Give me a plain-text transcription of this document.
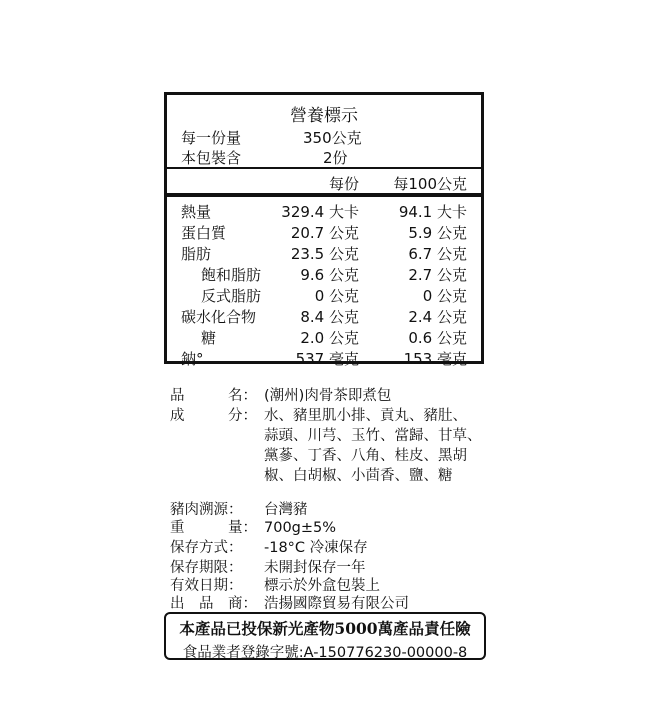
營養標示
每一份量	350公克
本包裝含	2份
每份 每100公克
熱量	329.4 大卡	94.1 大卡
蛋白質	20.7 公克	5.9 公克
脂肪	23.5 公克	6.7 公克
飽和脂肪	9.6 公克	2.7 公克
反式脂肪	0 公克	0 公克
碳水化合物	8.4 公克	2.4 公克
糖	2.0 公克	0.6 公克
鈉°	537 毫克	153 毫克
品　　　名： (潮州)肉骨茶即煮包
成　　　分： 水、豬里肌小排、貢丸、豬肚、
蒜頭、川芎、玉竹、當歸、甘草、
黨蔘、丁香、八角、桂皮、黑胡
椒、白胡椒、小茴香、鹽、糖
豬肉溯源：	台灣豬
重　　　量： 700g±5%
保存方式：	-18°C 冷凍保存
保存期限：	未開封保存一年
有效日期：	標示於外盒包裝上
出　品　商： 浩揚國際貿易有限公司
本產品已投保新光產物5000萬產品責任險
食品業者登錄字號:A-150776230-00000-8
